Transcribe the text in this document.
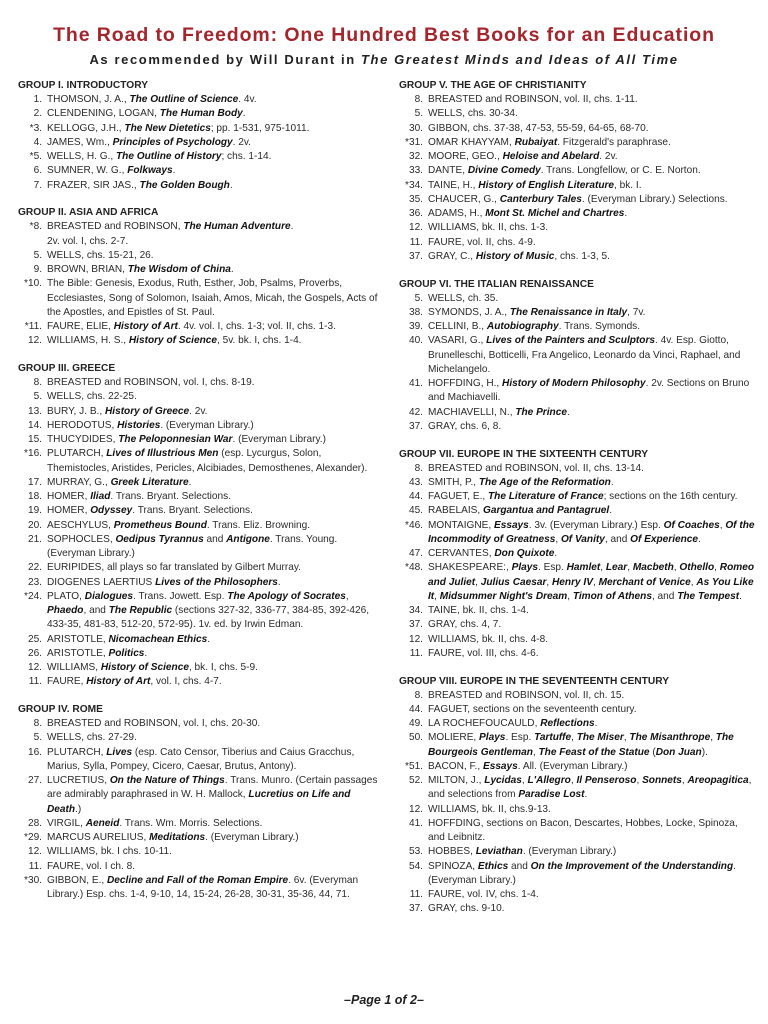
The Road to Freedom: One Hundred Best Books for an Education
As recommended by Will Durant in The Greatest Minds and Ideas of All Time
GROUP I. INTRODUCTORY
1. THOMSON, J. A., The Outline of Science. 4v.
2. CLENDENING, LOGAN, The Human Body.
*3. KELLOGG, J.H., The New Dietetics; pp. 1-531, 975-1011.
4. JAMES, Wm., Principles of Psychology. 2v.
*5. WELLS, H. G., The Outline of History; chs. 1-14.
6. SUMNER, W. G., Folkways.
7. FRAZER, SIR JAS., The Golden Bough.
GROUP II. ASIA AND AFRICA
*8. BREASTED and ROBINSON, The Human Adventure.
2v. vol. I, chs. 2-7.
5. WELLS, chs. 15-21, 26.
9. BROWN, BRIAN, The Wisdom of China.
*10. The Bible: Genesis, Exodus, Ruth, Esther, Job, Psalms, Proverbs, Ecclesiastes, Song of Solomon, Isaiah, Amos, Micah, the Gospels, Acts of the Apostles, and Epistles of St. Paul.
*11. FAURE, ELIE, History of Art. 4v. vol. I, chs. 1-3; vol. II, chs. 1-3.
12. WILLIAMS, H. S., History of Science, 5v. bk. I, chs. 1-4.
GROUP III. GREECE
8. BREASTED and ROBINSON, vol. I, chs. 8-19.
5. WELLS, chs. 22-25.
13. BURY, J. B., History of Greece. 2v.
14. HERODOTUS, Histories. (Everyman Library.)
15. THUCYDIDES, The Peloponnesian War. (Everyman Library.)
*16. PLUTARCH, Lives of Illustrious Men (esp. Lycurgus, Solon, Themistocles, Aristides, Pericles, Alcibiades, Demosthenes, Alexander).
17. MURRAY, G., Greek Literature.
18. HOMER, Iliad. Trans. Bryant. Selections.
19. HOMER, Odyssey. Trans. Bryant. Selections.
20. AESCHYLUS, Prometheus Bound. Trans. Eliz. Browning.
21. SOPHOCLES, Oedipus Tyrannus and Antigone. Trans. Young. (Everyman Library.)
22. EURIPIDES, all plays so far translated by Gilbert Murray.
23. DIOGENES LAERTIUS Lives of the Philosophers.
*24. PLATO, Dialogues. Trans. Jowett. Esp. The Apology of Socrates, Phaedo, and The Republic (sections 327-32, 336-77, 384-85, 392-426, 433-35, 481-83, 512-20, 572-95). 1v. ed. by Irwin Edman.
25. ARISTOTLE, Nicomachean Ethics.
26. ARISTOTLE, Politics.
12. WILLIAMS, History of Science, bk. I, chs. 5-9.
11. FAURE, History of Art, vol. I, chs. 4-7.
GROUP IV. ROME
8. BREASTED and ROBINSON, vol. I, chs. 20-30.
5. WELLS, chs. 27-29.
16. PLUTARCH, Lives (esp. Cato Censor, Tiberius and Caius Gracchus, Marius, Sylla, Pompey, Cicero, Caesar, Brutus, Antony).
27. LUCRETIUS, On the Nature of Things. Trans. Munro. (Certain passages are admirably paraphrased in W. H. Mallock, Lucretius on Life and Death.)
28. VIRGIL, Aeneid. Trans. Wm. Morris. Selections.
*29. MARCUS AURELIUS, Meditations. (Everyman Library.)
12. WILLIAMS, bk. I chs. 10-11.
11. FAURE, vol. I ch. 8.
*30. GIBBON, E., Decline and Fall of the Roman Empire. 6v. (Everyman Library.) Esp. chs. 1-4, 9-10, 14, 15-24, 26-28, 30-31, 35-36, 44, 71.
GROUP V. THE AGE OF CHRISTIANITY
8. BREASTED and ROBINSON, vol. II, chs. 1-11.
5. WELLS, chs. 30-34.
30. GIBBON, chs. 37-38, 47-53, 55-59, 64-65, 68-70.
*31. OMAR KHAYYAM, Rubaiyat. Fitzgerald's paraphrase.
32. MOORE, GEO., Heloise and Abelard. 2v.
33. DANTE, Divine Comedy. Trans. Longfellow, or C. E. Norton.
*34. TAINE, H., History of English Literature, bk. I.
35. CHAUCER, G., Canterbury Tales. (Everyman Library.) Selections.
36. ADAMS, H., Mont St. Michel and Chartres.
12. WILLIAMS, bk. II, chs. 1-3.
11. FAURE, vol. II, chs. 4-9.
37. GRAY, C., History of Music, chs. 1-3, 5.
GROUP VI. THE ITALIAN RENAISSANCE
5. WELLS, ch. 35.
38. SYMONDS, J. A., The Renaissance in Italy, 7v.
39. CELLINI, B., Autobiography. Trans. Symonds.
40. VASARI, G., Lives of the Painters and Sculptors. 4v. Esp. Giotto, Brunelleschi, Botticelli, Fra Angelico, Leonardo da Vinci, Raphael, and Michelangelo.
41. HOFFDING, H., History of Modern Philosophy. 2v. Sections on Bruno and Machiavelli.
42. MACHIAVELLI, N., The Prince.
37. GRAY, chs. 6, 8.
GROUP VII. EUROPE IN THE SIXTEENTH CENTURY
8. BREASTED and ROBINSON, vol. II, chs. 13-14.
43. SMITH, P., The Age of the Reformation.
44. FAGUET, E., The Literature of France; sections on the 16th century.
45. RABELAIS, Gargantua and Pantagruel.
*46. MONTAIGNE, Essays. 3v. (Everyman Library.) Esp. Of Coaches, Of the Incommodity of Greatness, Of Vanity, and Of Experience.
47. CERVANTES, Don Quixote.
*48. SHAKESPEARE:, Plays. Esp. Hamlet, Lear, Macbeth, Othello, Romeo and Juliet, Julius Caesar, Henry IV, Merchant of Venice, As You Like It, Midsummer Night's Dream, Timon of Athens, and The Tempest.
34. TAINE, bk. II, chs. 1-4.
37. GRAY, chs. 4, 7.
12. WILLIAMS, bk. II, chs. 4-8.
11. FAURE, vol. III, chs. 4-6.
GROUP VIII. EUROPE IN THE SEVENTEENTH CENTURY
8. BREASTED and ROBINSON, vol. II, ch. 15.
44. FAGUET, sections on the seventeenth century.
49. LA ROCHEFOUCAULD, Reflections.
50. MOLIERE, Plays. Esp. Tartuffe, The Miser, The Misanthrope, The Bourgeois Gentleman, The Feast of the Statue (Don Juan).
*51. BACON, F., Essays. All. (Everyman Library.)
52. MILTON, J., Lycidas, L'Allegro, Il Penseroso, Sonnets, Areopagitica, and selections from Paradise Lost.
12. WILLIAMS, bk. II, chs.9-13.
41. HOFFDING, sections on Bacon, Descartes, Hobbes, Locke, Spinoza, and Leibnitz.
53. HOBBES, Leviathan. (Everyman Library.)
54. SPINOZA, Ethics and On the Improvement of the Understanding. (Everyman Library.)
11. FAURE, vol. IV, chs. 1-4.
37. GRAY, chs. 9-10.
–Page 1 of 2–
